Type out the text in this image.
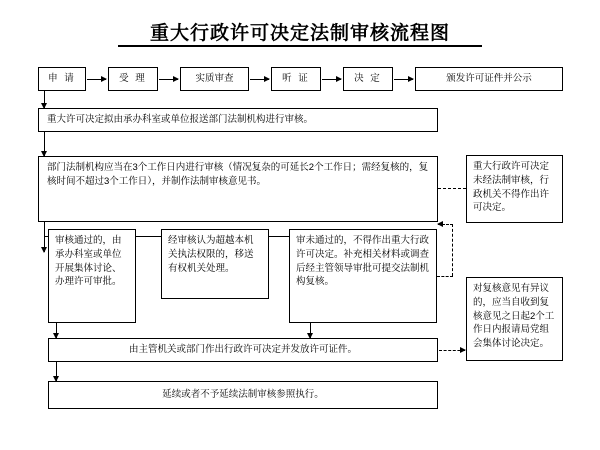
重大行政许可决定法制审核流程图
申 请	受 理	实质审查	听 证	决 定	颁发许可证件并公示
重大许可决定拟由承办科室或单位报送部门法制机构进行审核。
部门法制机构应当在3个工作日内进行审核（情况复杂的可延长2个工作日；需经复核的，复核时间不超过3个工作日），并制作法制审核意见书。
重大行政许可决定未经法制审核，行政机关不得作出许可决定。
审核通过的，由承办科室或单位开展集体讨论、办理许可审批。
经审核认为超越本机关执法权限的，移送有权机关处理。
审未通过的，不得作出重大行政许可决定。补充相关材料或调查后经主管领导审批可提交法制机构复核。
对复核意见有异议的，应当自收到复核意见之日起2个工作日内报请局党组会集体讨论决定。
由主管机关或部门作出行政许可决定并发放许可证件。
延续或者不予延续法制审核参照执行。
